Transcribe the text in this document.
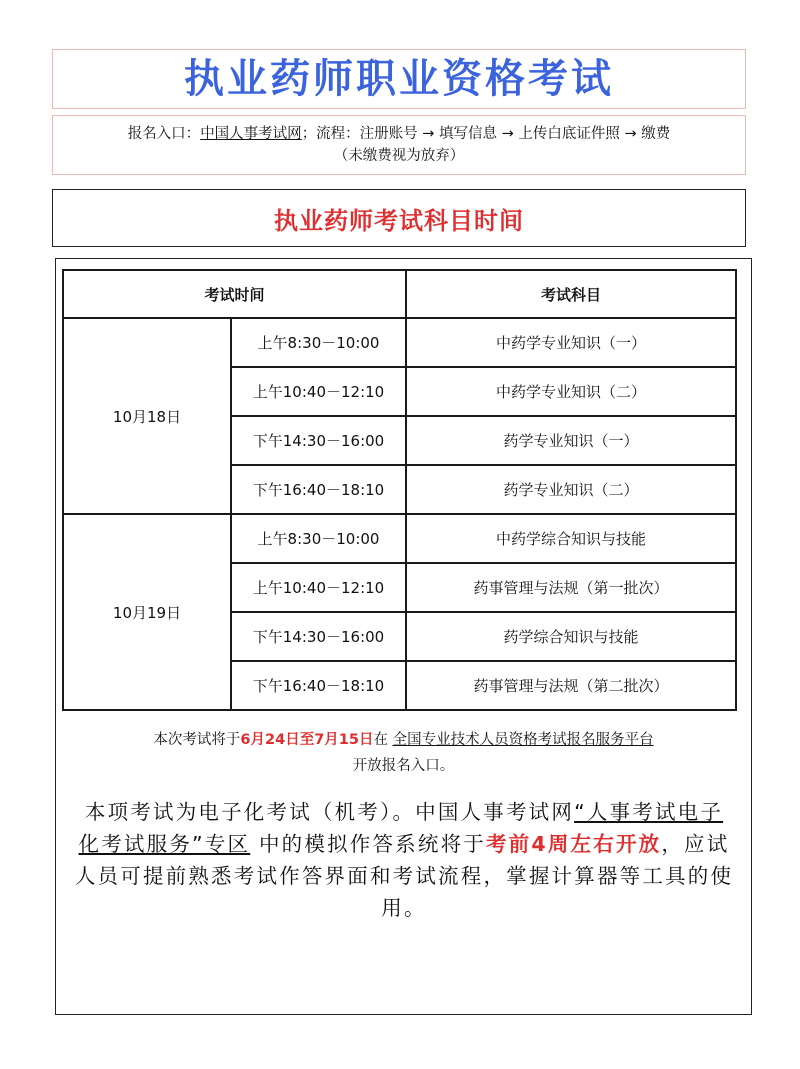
执业药师职业资格考试
报名入口：中国人事考试网；流程：注册账号 → 填写信息 → 上传白底证件照 → 缴费
（未缴费视为放弃）
执业药师考试科目时间
考试时间		考试科目
10月18日	上午8:30－10:00	中药学专业知识（一）
	上午10:40－12:10	中药学专业知识（二）
	下午14:30－16:00	药学专业知识（一）
	下午16:40－18:10	药学专业知识（二）
10月19日	上午8:30－10:00	中药学综合知识与技能
	上午10:40－12:10	药事管理与法规（第一批次）
	下午14:30－16:00	药学综合知识与技能
	下午16:40－18:10	药事管理与法规（第二批次）
本次考试将于6月24日至7月15日在 全国专业技术人员资格考试报名服务平台
开放报名入口。
本项考试为电子化考试（机考）。中国人事考试网“人事考试电子化考试服务”专区 中的模拟作答系统将于考前4周左右开放，应试人员可提前熟悉考试作答界面和考试流程，掌握计算器等工具的使用。
